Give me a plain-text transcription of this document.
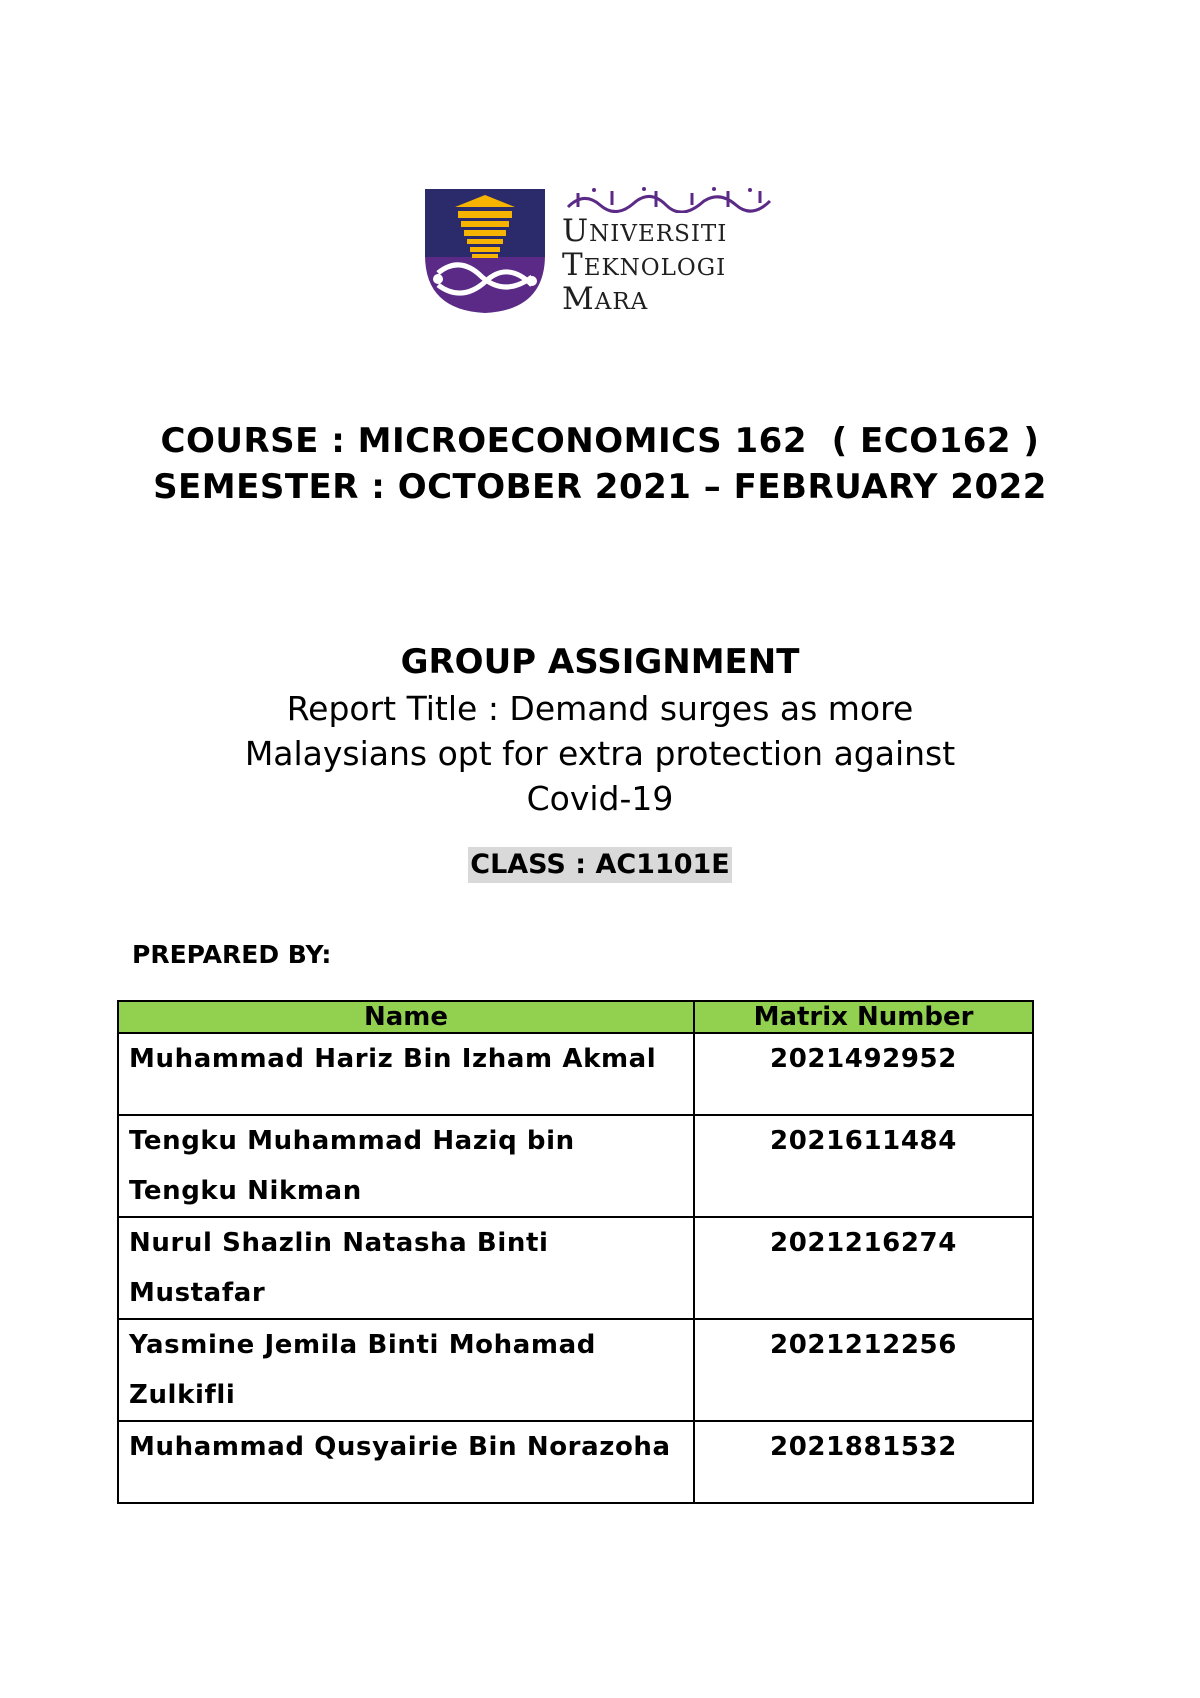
UNIVERSITI
TEKNOLOGI
MARA
COURSE : MICROECONOMICS 162  ( ECO162 )
SEMESTER : OCTOBER 2021 – FEBRUARY 2022
GROUP ASSIGNMENT
Report Title : Demand surges as more Malaysians opt for extra protection against Covid-19
CLASS : AC1101E
PREPARED BY:
Name	Matrix Number
Muhammad Hariz Bin Izham Akmal	2021492952
Tengku Muhammad Haziq bin Tengku Nikman	2021611484
Nurul Shazlin Natasha Binti Mustafar	2021216274
Yasmine Jemila Binti Mohamad Zulkifli	2021212256
Muhammad Qusyairie Bin Norazoha	2021881532
